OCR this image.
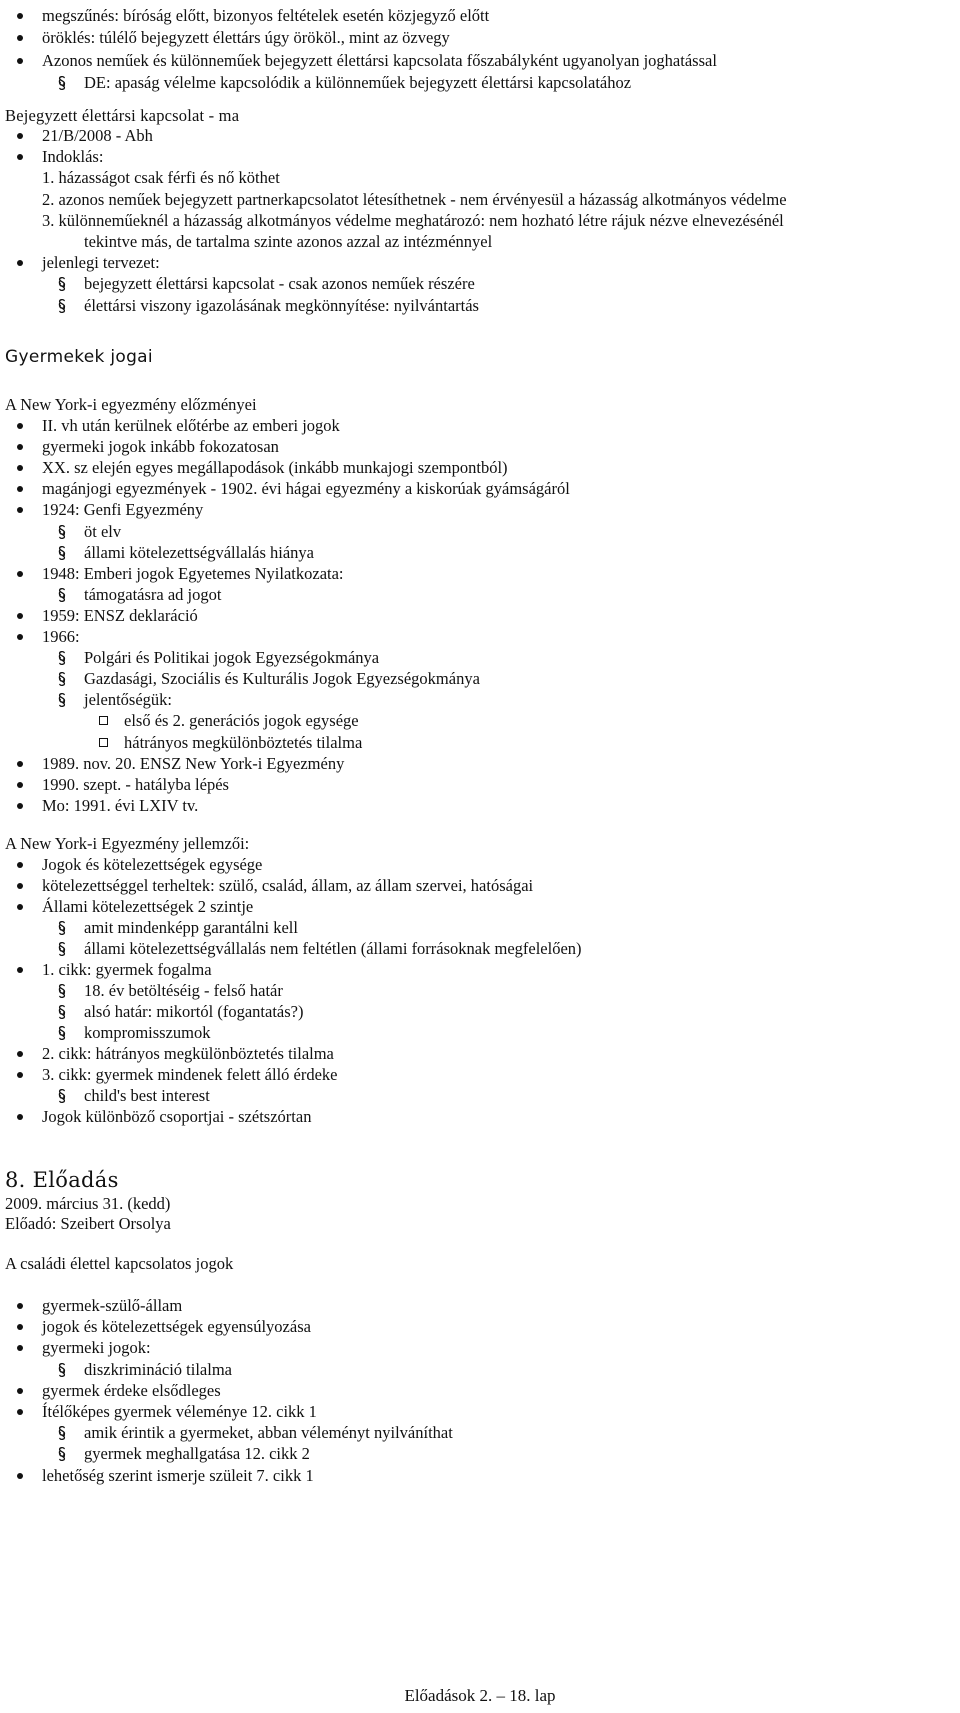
megszűnés: bíróság előtt, bizonyos feltételek esetén közjegyző előtt
öröklés: túlélő bejegyzett élettárs úgy örököl., mint az özvegy
Azonos neműek és különneműek bejegyzett élettársi kapcsolata főszabályként ugyanolyan joghatással
DE: apaság vélelme kapcsolódik a különneműek bejegyzett élettársi kapcsolatához
Bejegyzett élettársi kapcsolat - ma
21/B/2008 - Abh
Indoklás:
1. házasságot csak férfi és nő köthet
2. azonos neműek bejegyzett partnerkapcsolatot létesíthetnek - nem érvényesül a házasság alkotmányos védelme
3. különneműeknél a házasság alkotmányos védelme meghatározó: nem hozható létre rájuk nézve elnevezésénél
tekintve más, de tartalma szinte azonos azzal az intézménnyel
jelenlegi tervezet:
bejegyzett élettársi kapcsolat - csak azonos neműek részére
élettársi viszony igazolásának megkönnyítése: nyilvántartás
Gyermekek jogai
A New York-i egyezmény előzményei
II. vh után kerülnek előtérbe az emberi jogok
gyermeki jogok inkább fokozatosan
XX. sz elején egyes megállapodások (inkább munkajogi szempontból)
magánjogi egyezmények - 1902. évi hágai egyezmény a kiskorúak gyámságáról
1924: Genfi Egyezmény
öt elv
állami kötelezettségvállalás hiánya
1948: Emberi jogok Egyetemes Nyilatkozata:
támogatásra ad jogot
1959: ENSZ deklaráció
1966:
Polgári és Politikai jogok Egyezségokmánya
Gazdasági, Szociális és Kulturális Jogok Egyezségokmánya
jelentőségük:
első és 2. generációs jogok egysége
hátrányos megkülönböztetés tilalma
1989. nov. 20. ENSZ New York-i Egyezmény
1990. szept. - hatályba lépés
Mo: 1991. évi LXIV tv.
A New York-i Egyezmény jellemzői:
Jogok és kötelezettségek egysége
kötelezettséggel terheltek: szülő, család, állam, az állam szervei, hatóságai
Állami kötelezettségek 2 szintje
amit mindenképp garantálni kell
állami kötelezettségvállalás nem feltétlen (állami forrásoknak megfelelően)
1. cikk: gyermek fogalma
18. év betöltéséig - felső határ
alsó határ: mikortól (fogantatás?)
kompromisszumok
2. cikk: hátrányos megkülönböztetés tilalma
3. cikk: gyermek mindenek felett álló érdeke
child's best interest
Jogok különböző csoportjai - szétszórtan
8. Előadás
2009. március 31. (kedd)
Előadó: Szeibert Orsolya
A családi élettel kapcsolatos jogok
gyermek-szülő-állam
jogok és kötelezettségek egyensúlyozása
gyermeki jogok:
diszkrimináció tilalma
gyermek érdeke elsődleges
Ítélőképes gyermek véleménye 12. cikk 1
amik érintik a gyermeket, abban véleményt nyilváníthat
gyermek meghallgatása 12. cikk 2
lehetőség szerint ismerje szüleit 7. cikk 1
Előadások 2. – 18. lap
